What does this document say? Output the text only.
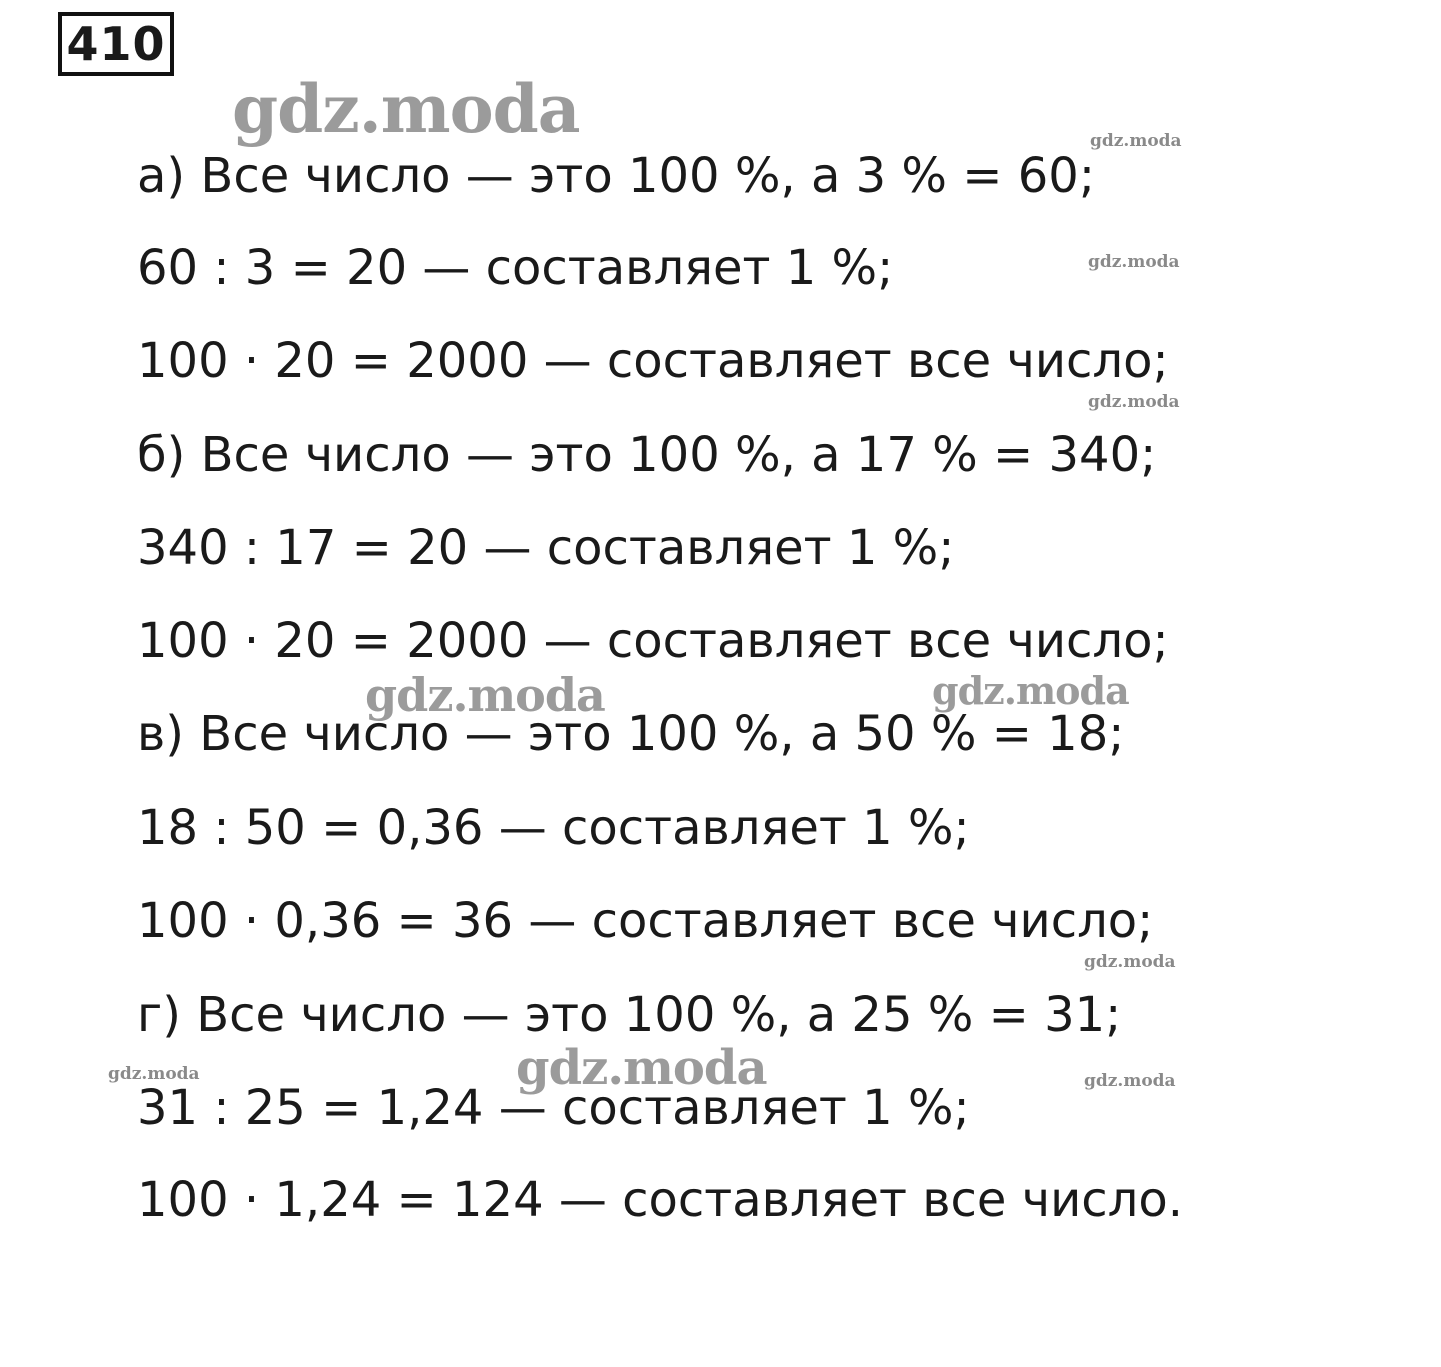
410
а) Все число — это 100 %, а 3 % = 60;
60 : 3 = 20 — составляет 1 %;
100 · 20 = 2000 — составляет все число;
б) Все число — это 100 %, а 17 % = 340;
340 : 17 = 20 — составляет 1 %;
100 · 20 = 2000 — составляет все число;
в) Все число — это 100 %, а 50 % = 18;
18 : 50 = 0,36 — составляет 1 %;
100 · 0,36 = 36 — составляет все число;
г) Все число — это 100 %, а 25 % = 31;
31 : 25 = 1,24 — составляет 1 %;
100 · 1,24 = 124 — составляет все число.
gdz.moda
gdz.moda	gdz.moda
gdz.moda
gdz.moda
gdz.moda
gdz.moda
gdz.moda
gdz.moda	gdz.moda
